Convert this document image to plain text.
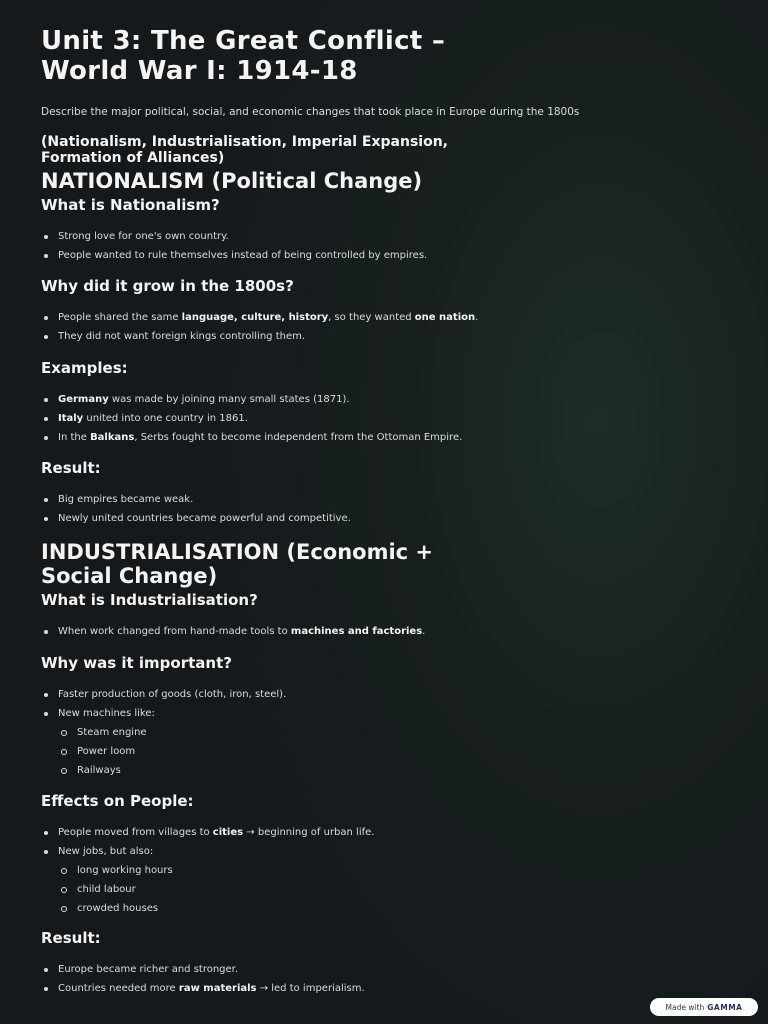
Unit 3: The Great Conflict –
World War I: 1914-18

Describe the major political, social, and economic changes that took place in Europe during the 1800s

(Nationalism, Industrialisation, Imperial Expansion,
Formation of Alliances)

NATIONALISM (Political Change)
What is Nationalism?
Strong love for one's own country.
People wanted to rule themselves instead of being controlled by empires.
Why did it grow in the 1800s?
People shared the same language, culture, history, so they wanted one nation.
They did not want foreign kings controlling them.
Examples:
Germany was made by joining many small states (1871).
Italy united into one country in 1861.
In the Balkans, Serbs fought to become independent from the Ottoman Empire.
Result:
Big empires became weak.
Newly united countries became powerful and competitive.
INDUSTRIALISATION (Economic +
Social Change)
What is Industrialisation?
When work changed from hand-made tools to machines and factories.
Why was it important?
Faster production of goods (cloth, iron, steel).
New machines like:
Steam engine
Power loom
Railways
Effects on People:
People moved from villages to cities → beginning of urban life.
New jobs, but also:
long working hours
child labour
crowded houses
Result:
Europe became richer and stronger.
Countries needed more raw materials → led to imperialism.
Made with GAMMA
